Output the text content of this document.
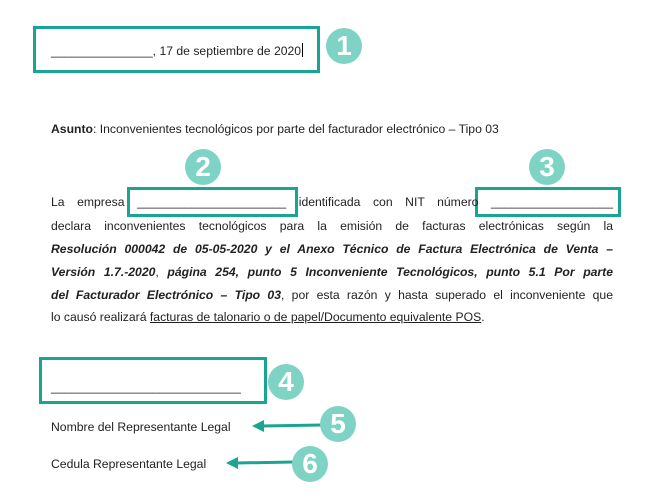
_______________, 17 de septiembre de 2020
Asunto: Inconvenientes tecnológicos por parte del facturador electrónico – Tipo 03
La empresa ______________________ identificada con NIT número __________________
declara inconvenientes tecnológicos para la emisión de facturas electrónicas según la
Resolución 000042 de 05-05-2020 y el Anexo Técnico de Factura Electrónica de Venta –
Versión 1.7.-2020, página 254, punto 5 Inconveniente Tecnológicos, punto 5.1 Por parte
del Facturador Electrónico – Tipo 03, por esta razón y hasta superado el inconveniente que
lo causó realizará facturas de talonario o de papel/Documento equivalente POS.
____________________________
Nombre del Representante Legal
Cedula Representante Legal
1
2	3
4
5
6
